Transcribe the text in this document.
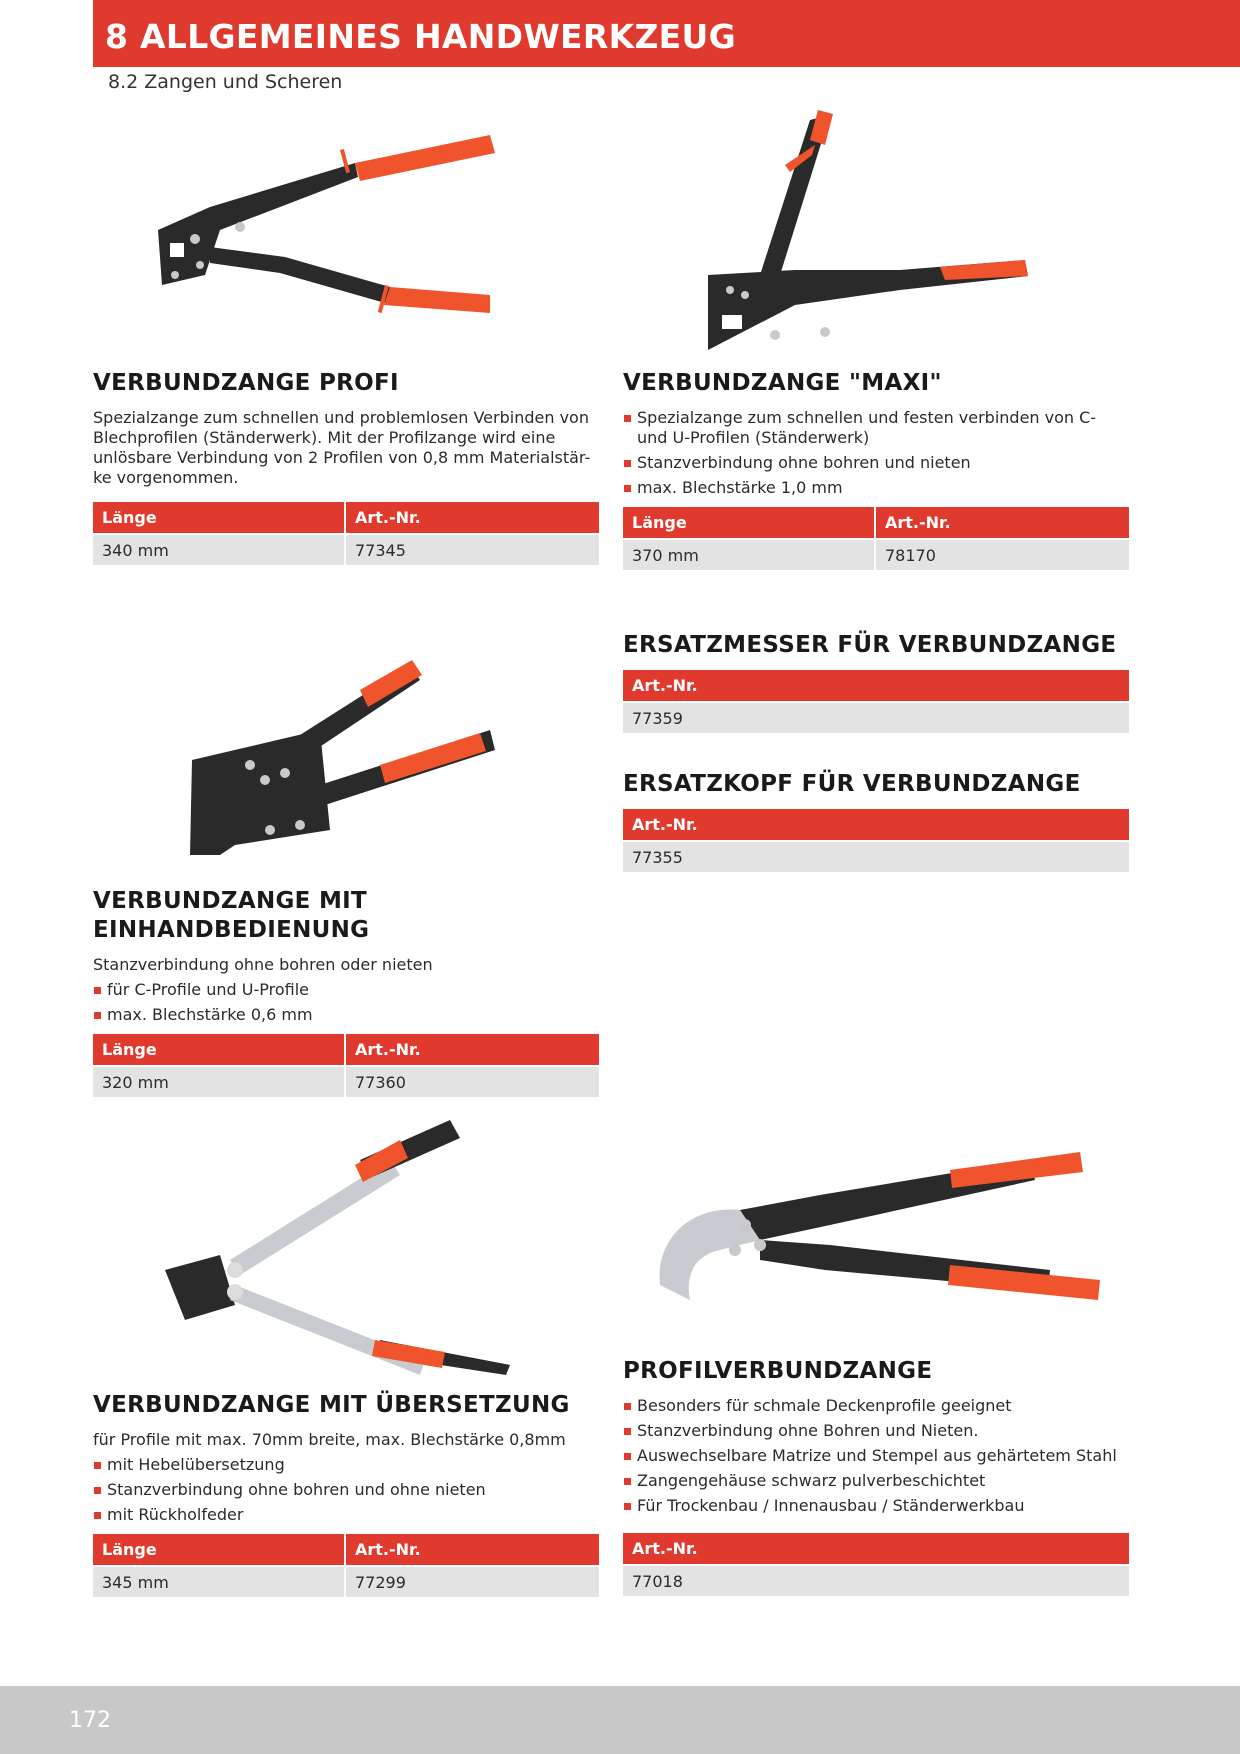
8 ALLGEMEINES HANDWERKZEUG
8.2 Zangen und Scheren
VERBUNDZANGE PROFI

Spezialzange zum schnellen und problemlosen Verbinden von Blechprofilen (Ständerwerk). Mit der Profilzange wird eine unlösbare Verbindung von 2 Profilen von 0,8 mm Materialstär-ke vorgenommen.

Länge	Art.-Nr.
340 mm	77345
VERBUNDZANGE "MAXI"
Spezialzange zum schnellen und festen verbinden von C- und U-Profilen (Ständerwerk)
Stanzverbindung ohne bohren und nieten
max. Blechstärke 1,0 mm
Länge	Art.-Nr.
370 mm	78170
ERSATZMESSER FÜR VERBUNDZANGE
Art.-Nr.
77359
ERSATZKOPF FÜR VERBUNDZANGE
Art.-Nr.
77355
VERBUNDZANGE MIT EINHANDBEDIENUNG

Stanzverbindung ohne bohren oder nieten

für C-Profile und U-Profile
max. Blechstärke 0,6 mm
Länge	Art.-Nr.
320 mm	77360
VERBUNDZANGE MIT ÜBERSETZUNG

für Profile mit max. 70mm breite, max. Blechstärke 0,8mm

mit Hebelübersetzung
Stanzverbindung ohne bohren und ohne nieten
mit Rückholfeder
Länge	Art.-Nr.
345 mm	77299
PROFILVERBUNDZANGE
Besonders für schmale Deckenprofile geeignet
Stanzverbindung ohne Bohren und Nieten.
Auswechselbare Matrize und Stempel aus gehärtetem Stahl
Zangengehäuse schwarz pulverbeschichtet
Für Trockenbau / Innenausbau / Ständerwerkbau
Art.-Nr.
77018
172
